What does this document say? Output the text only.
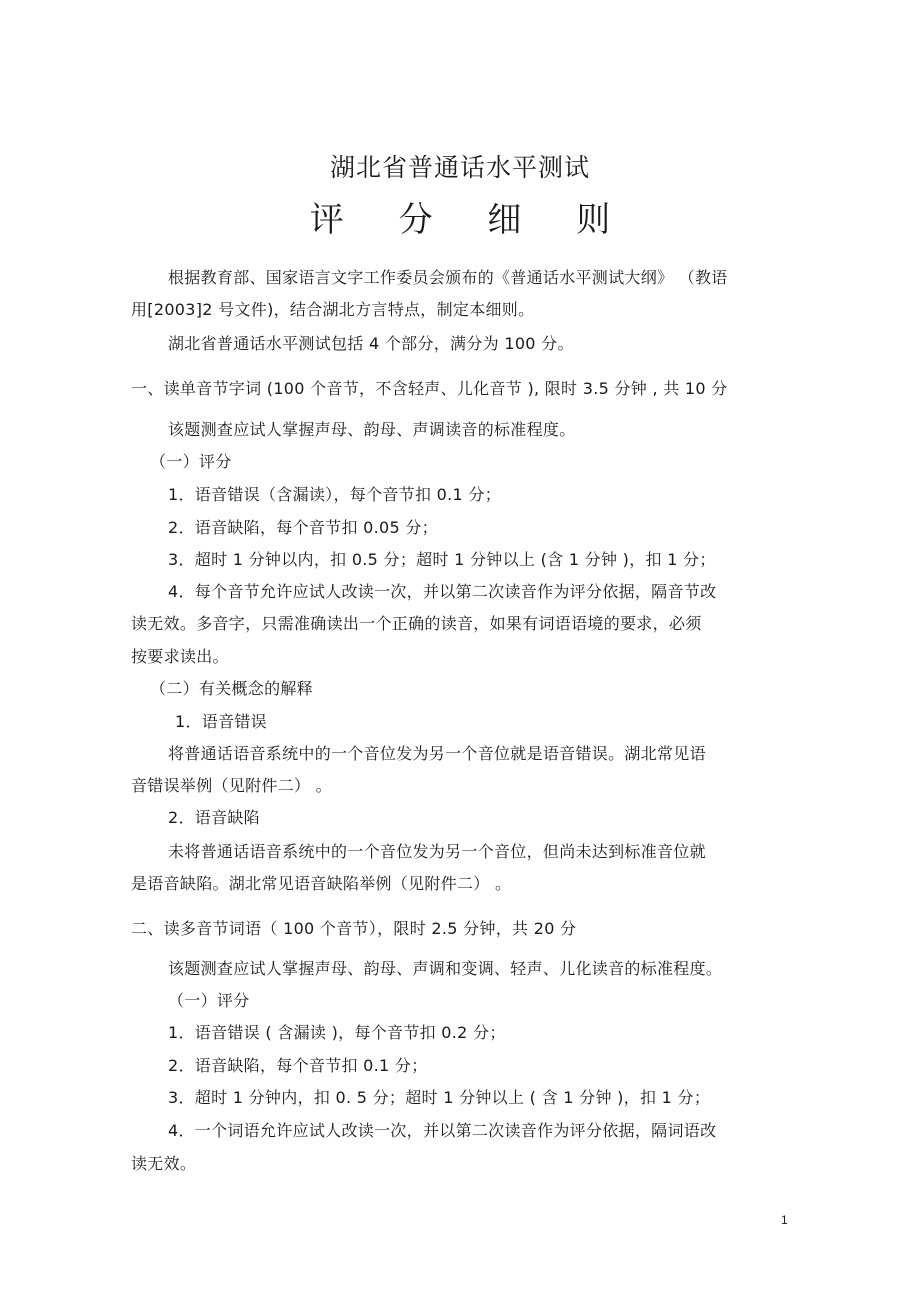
湖北省普通话水平测试
评 分 细 则
根据教育部、国家语言文字工作委员会颁布的《普通话水平测试大纲》 （教语
用[2003]2 号文件)，结合湖北方言特点，制定本细则。
湖北省普通话水平测试包括 4 个部分，满分为 100 分。
一、读单音节字词 (100 个音节，不含轻声、儿化音节 ), 限时 3.5 分钟 , 共 10 分
该题测查应试人掌握声母、韵母、声调读音的标准程度。
（一）评分
1．语音错误（含漏读），每个音节扣 0.1 分；
2．语音缺陷，每个音节扣 0.05 分；
3．超时 1 分钟以内，扣 0.5 分；超时 1 分钟以上 (含 1 分钟 )，扣 1 分；
4．每个音节允许应试人改读一次，并以第二次读音作为评分依据，隔音节改
读无效。多音字，只需准确读出一个正确的读音，如果有词语语境的要求，必须
按要求读出。
（二）有关概念的解释
1．语音错误
将普通话语音系统中的一个音位发为另一个音位就是语音错误。湖北常见语
音错误举例（见附件二） 。
2．语音缺陷
未将普通话语音系统中的一个音位发为另一个音位，但尚未达到标准音位就
是语音缺陷。湖北常见语音缺陷举例（见附件二） 。
二、读多音节词语（ 100 个音节），限时 2.5 分钟，共 20 分
该题测查应试人掌握声母、韵母、声调和变调、轻声、儿化读音的标准程度。
（一）评分
1．语音错误 ( 含漏读 )，每个音节扣 0.2 分；
2．语音缺陷，每个音节扣 0.1 分；
3．超时 1 分钟内，扣 0. 5 分；超时 1 分钟以上 ( 含 1 分钟 )，扣 1 分；
4．一个词语允许应试人改读一次，并以第二次读音作为评分依据，隔词语改
读无效。
1
